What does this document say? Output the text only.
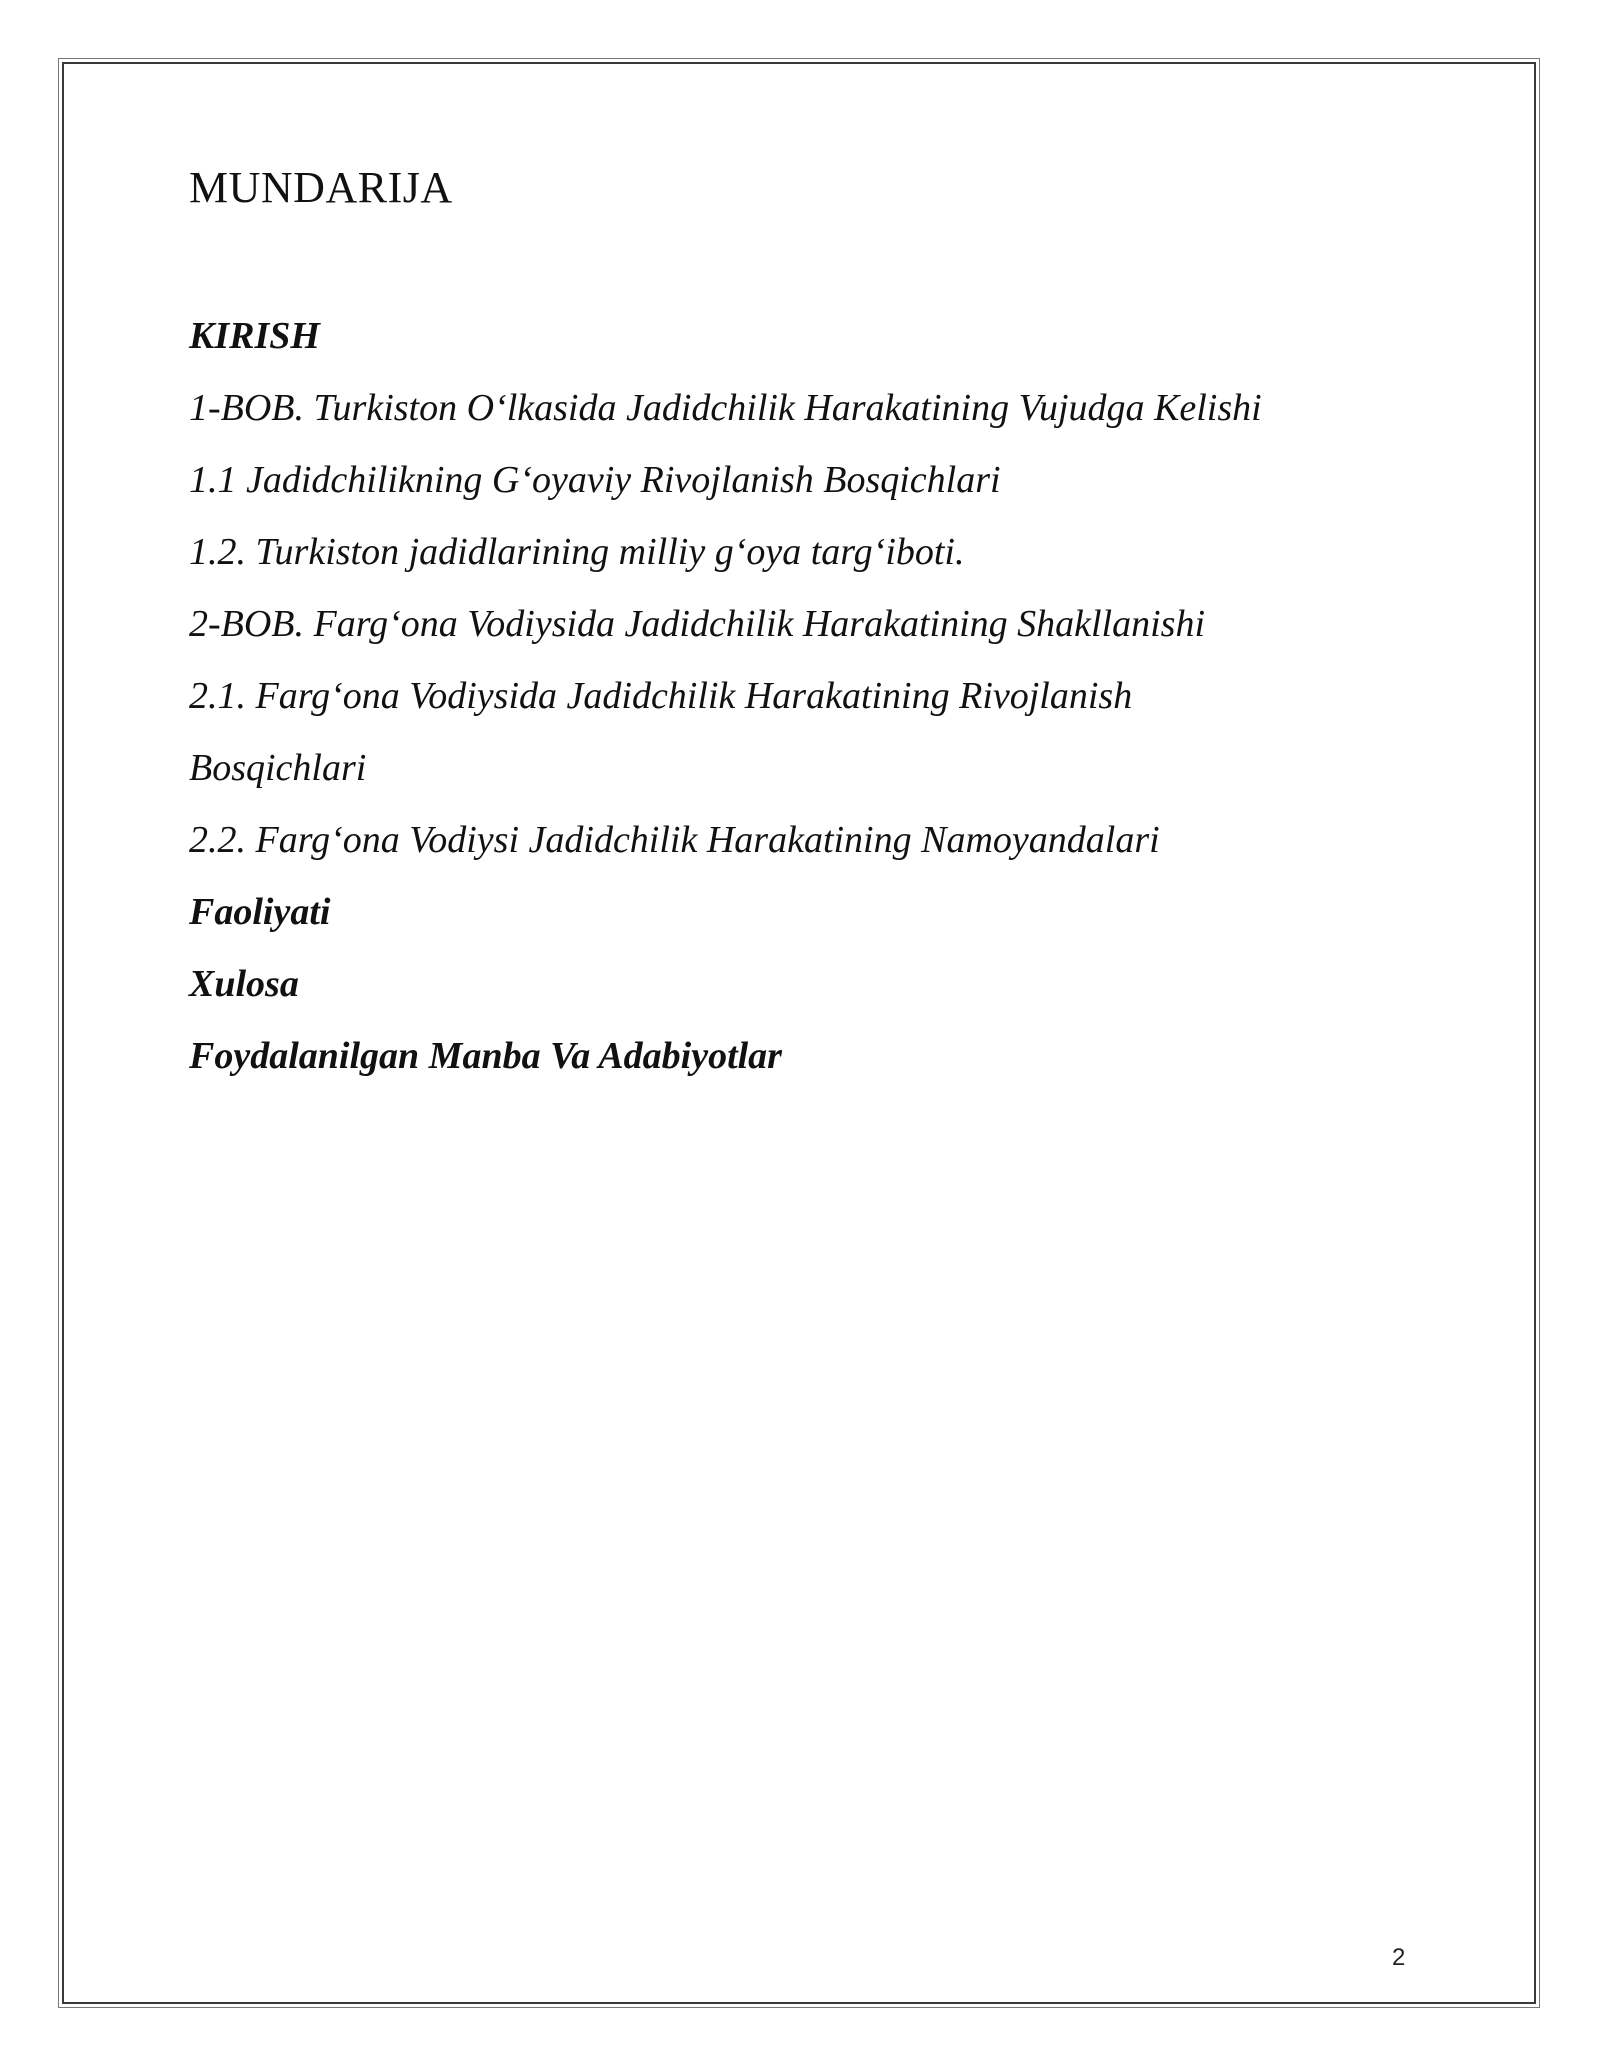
MUNDARIJA
KIRISH
1-BOB. Turkiston O‘lkasida Jadidchilik Harakatining Vujudga Kelishi
1.1 Jadidchilikning G‘oyaviy Rivojlanish Bosqichlari
1.2. Turkiston jadidlarining milliy g‘oya targ‘iboti.
2-BOB. Farg‘ona Vodiysida Jadidchilik Harakatining Shakllanishi
2.1. Farg‘ona Vodiysida Jadidchilik Harakatining Rivojlanish Bosqichlari
2.2. Farg‘ona Vodiysi Jadidchilik Harakatining Namoyandalari
Faoliyati
Xulosa
Foydalanilgan Manba Va Adabiyotlar
2
